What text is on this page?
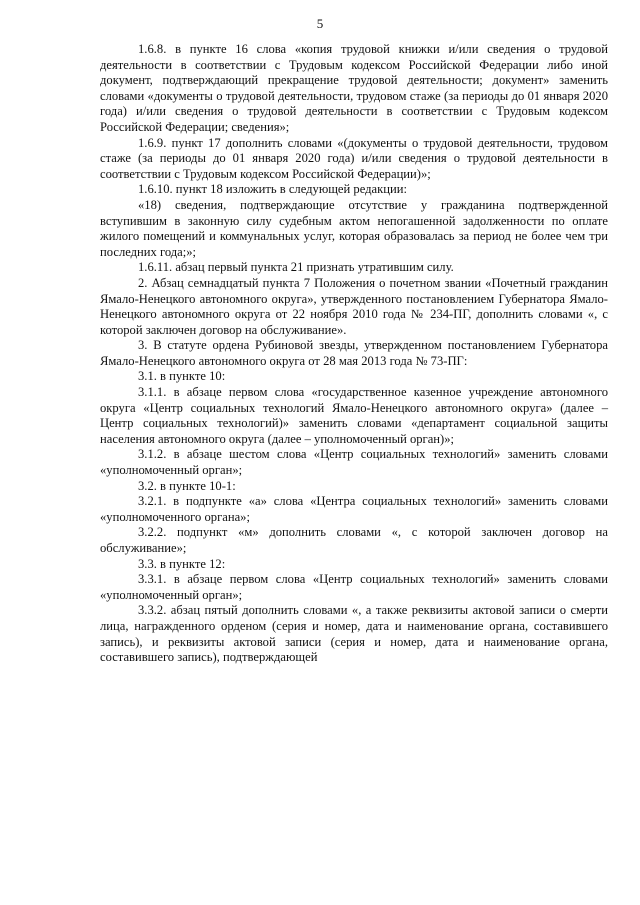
5

1.6.8. в пункте 16 слова «копия трудовой книжки и/или сведения о трудовой деятельности в соответствии с Трудовым кодексом Российской Федерации либо иной документ, подтверждающий прекращение трудовой деятельности; документ» заменить словами «документы о трудовой деятельности, трудовом стаже (за периоды до 01 января 2020 года) и/или сведения о трудовой деятельности в соответствии с Трудовым кодексом Российской Федерации; сведения»;

1.6.9. пункт 17 дополнить словами «(документы о трудовой деятельности, трудовом стаже (за периоды до 01 января 2020 года) и/или сведения о трудовой деятельности в соответствии с Трудовым кодексом Российской Федерации)»;

1.6.10. пункт 18 изложить в следующей редакции:

«18) сведения, подтверждающие отсутствие у гражданина подтвержденной вступившим в законную силу судебным актом непогашенной задолженности по оплате жилого помещений и коммунальных услуг, которая образовалась за период не более чем три последних года;»;

1.6.11. абзац первый пункта 21 признать утратившим силу.

2. Абзац семнадцатый пункта 7 Положения о почетном звании «Почетный гражданин Ямало-Ненецкого автономного округа», утвержденного постановлением Губернатора Ямало-Ненецкого автономного округа от 22 ноября 2010 года № 234-ПГ, дополнить словами «, с которой заключен договор на обслуживание».

3. В статуте ордена Рубиновой звезды, утвержденном постановлением Губернатора Ямало-Ненецкого автономного округа от 28 мая 2013 года № 73-ПГ:

3.1. в пункте 10:

3.1.1. в абзаце первом слова «государственное казенное учреждение автономного округа «Центр социальных технологий Ямало-Ненецкого автономного округа» (далее – Центр социальных технологий)» заменить словами «департамент социальной защиты населения автономного округа (далее – уполномоченный орган)»;

3.1.2. в абзаце шестом слова «Центр социальных технологий» заменить словами «уполномоченный орган»;

3.2. в пункте 10-1:

3.2.1. в подпункте «а» слова «Центра социальных технологий» заменить словами «уполномоченного органа»;

3.2.2. подпункт «м» дополнить словами «, с которой заключен договор на обслуживание»;

3.3. в пункте 12:

3.3.1. в абзаце первом слова «Центр социальных технологий» заменить словами «уполномоченный орган»;

3.3.2. абзац пятый дополнить словами «, а также реквизиты актовой записи о смерти лица, награжденного орденом (серия и номер, дата и наименование органа, составившего запись), и реквизиты актовой записи (серия и номер, дата и наименование органа, составившего запись), подтверждающей
